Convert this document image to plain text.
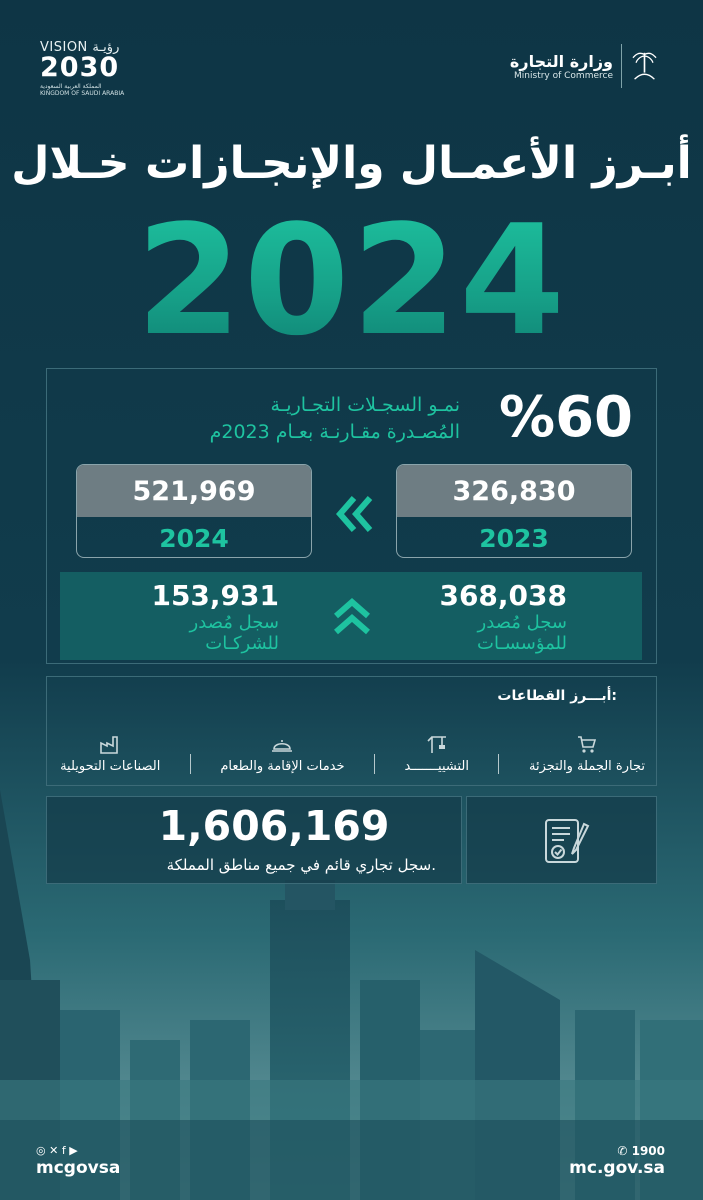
VISION رؤيـة
2030
المملكة العربية السعودية KINGDOM OF SAUDI ARABIA
وزارة التجارة
Ministry of Commerce
أبـرز الأعمـال والإنجـازات خـلال
2024
%60
نمـو السجـلات التجـاريـة
المُصـدرة مقـارنـة بعـام 2023م
326,830
2023
521,969
2024
368,038
سجل مُصدر
للمؤسسـات
153,931
سجل مُصدر
للشركـات
أبـــرز القطاعات:
تجارة الجملة والتجزئة
التشييـــــــد
خدمات الإقامة والطعام
الصناعات التحويلية
1,606,169
سجل تجاري قائم في جميع مناطق المملكة.
◎ ✕ f ▶
mcgovsa
✆ 1900
mc.gov.sa
